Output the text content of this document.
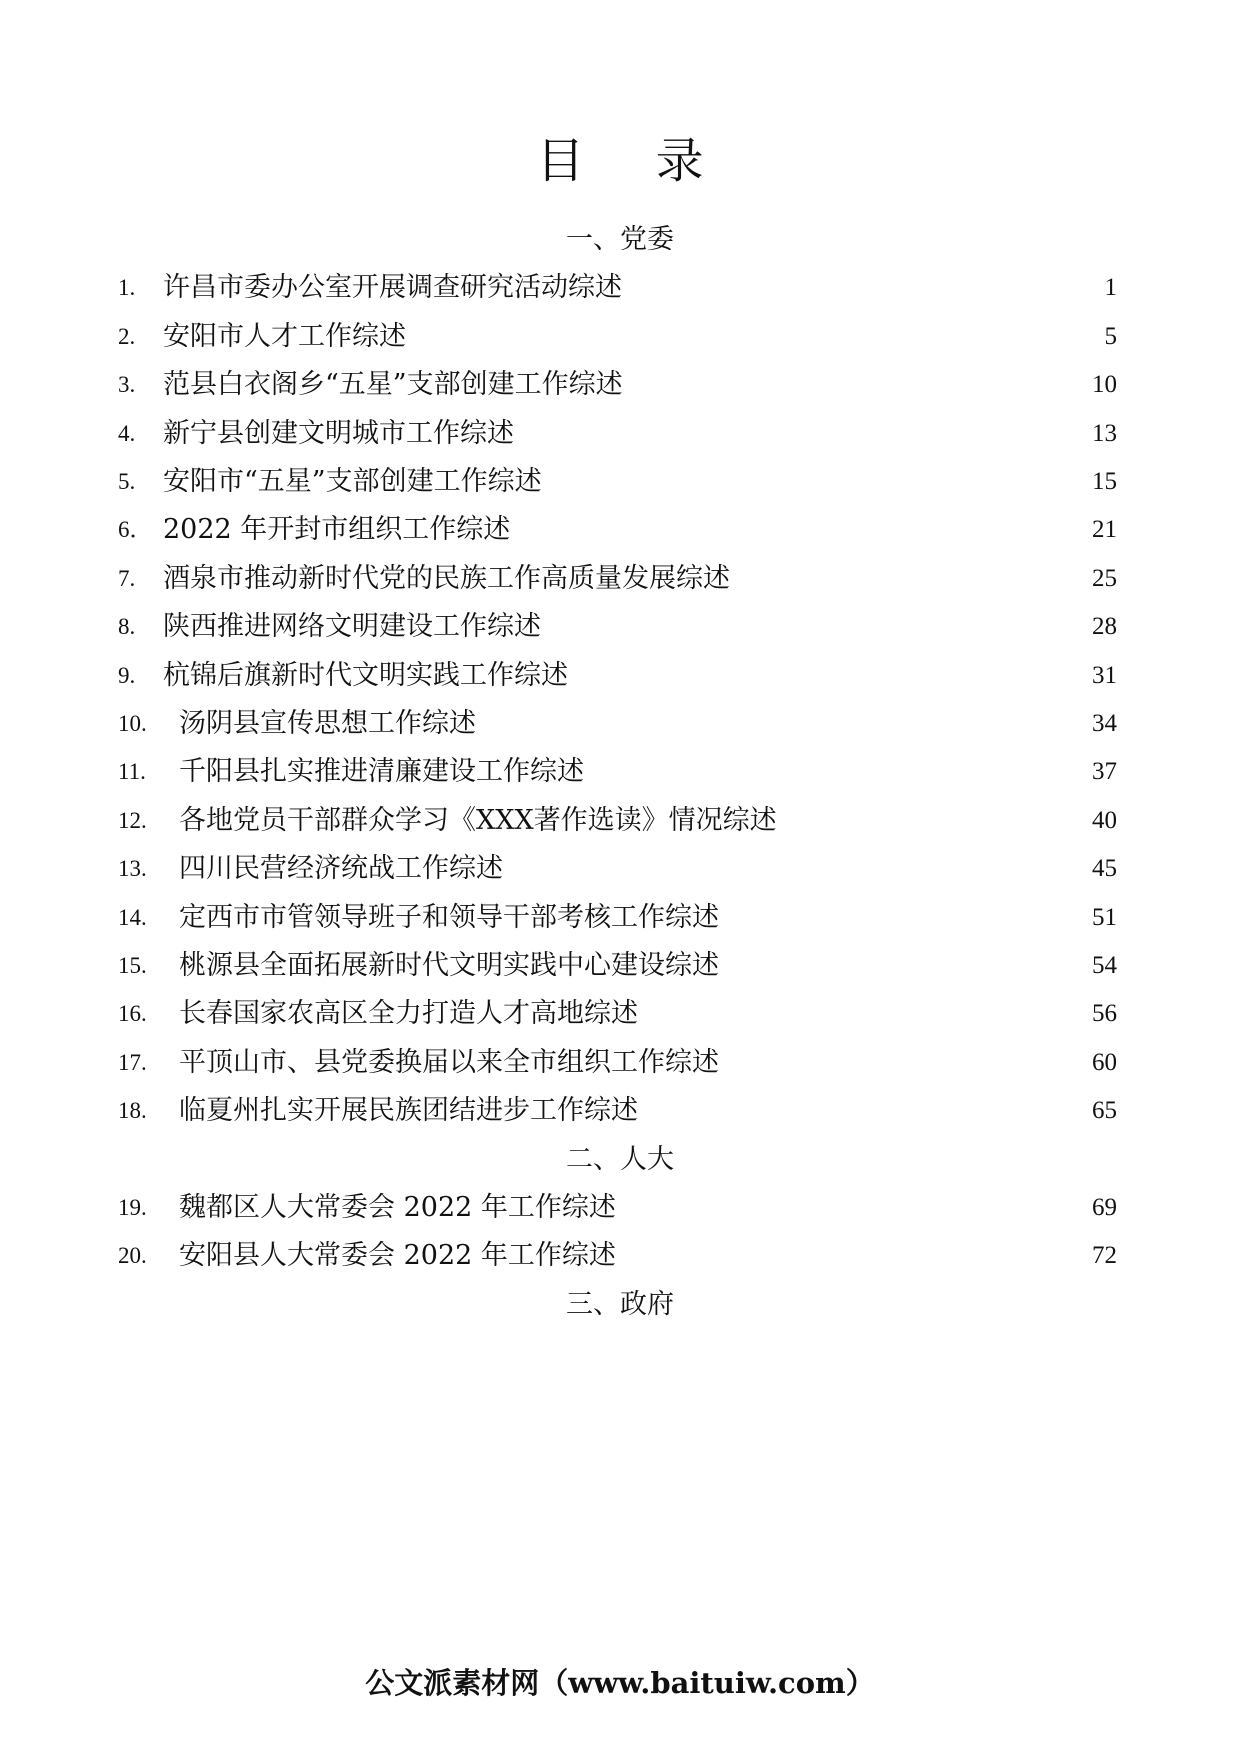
目 录
一、党委
1. 许昌市委办公室开展调查研究活动综述	1
2. 安阳市人才工作综述	5
3. 范县白衣阁乡“五星”支部创建工作综述	10
4. 新宁县创建文明城市工作综述	13
5. 安阳市“五星”支部创建工作综述	15
6． 2022 年开封市组织工作综述	21
7. 酒泉市推动新时代党的民族工作高质量发展综述	25
8. 陕西推进网络文明建设工作综述	28
9. 杭锦后旗新时代文明实践工作综述	31
10. 汤阴县宣传思想工作综述	34
11. 千阳县扎实推进清廉建设工作综述	37
12. 各地党员干部群众学习《XXX著作选读》情况综述	40
13. 四川民营经济统战工作综述	45
14. 定西市市管领导班子和领导干部考核工作综述	51
15. 桃源县全面拓展新时代文明实践中心建设综述	54
16. 长春国家农高区全力打造人才高地综述	56
17. 平顶山市、县党委换届以来全市组织工作综述	60
18. 临夏州扎实开展民族团结进步工作综述	65
二、人大
19. 魏都区人大常委会 2022 年工作综述	69
20. 安阳县人大常委会 2022 年工作综述	72
三、政府
公文派素材网（www.baituiw.com）
